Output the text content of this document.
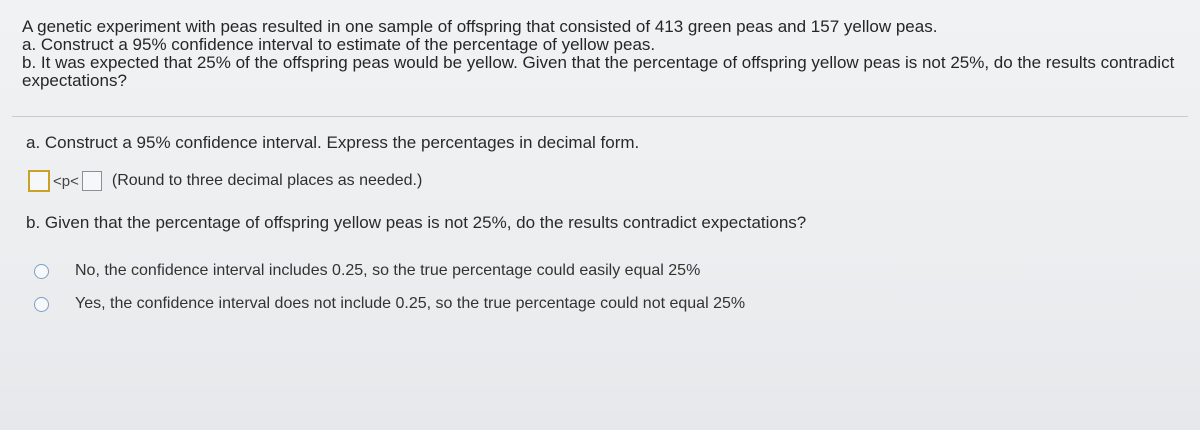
A genetic experiment with peas resulted in one sample of offspring that consisted of 413 green peas and 157 yellow peas.
a. Construct a 95% confidence interval to estimate of the percentage of yellow peas.
b. It was expected that 25% of the offspring peas would be yellow. Given that the percentage of offspring yellow peas is not 25%, do the results contradict
expectations?
a. Construct a 95% confidence interval. Express the percentages in decimal form.
<p< (Round to three decimal places as needed.)
b. Given that the percentage of offspring yellow peas is not 25%, do the results contradict expectations?
No, the confidence interval includes 0.25, so the true percentage could easily equal 25%
Yes, the confidence interval does not include 0.25, so the true percentage could not equal 25%
